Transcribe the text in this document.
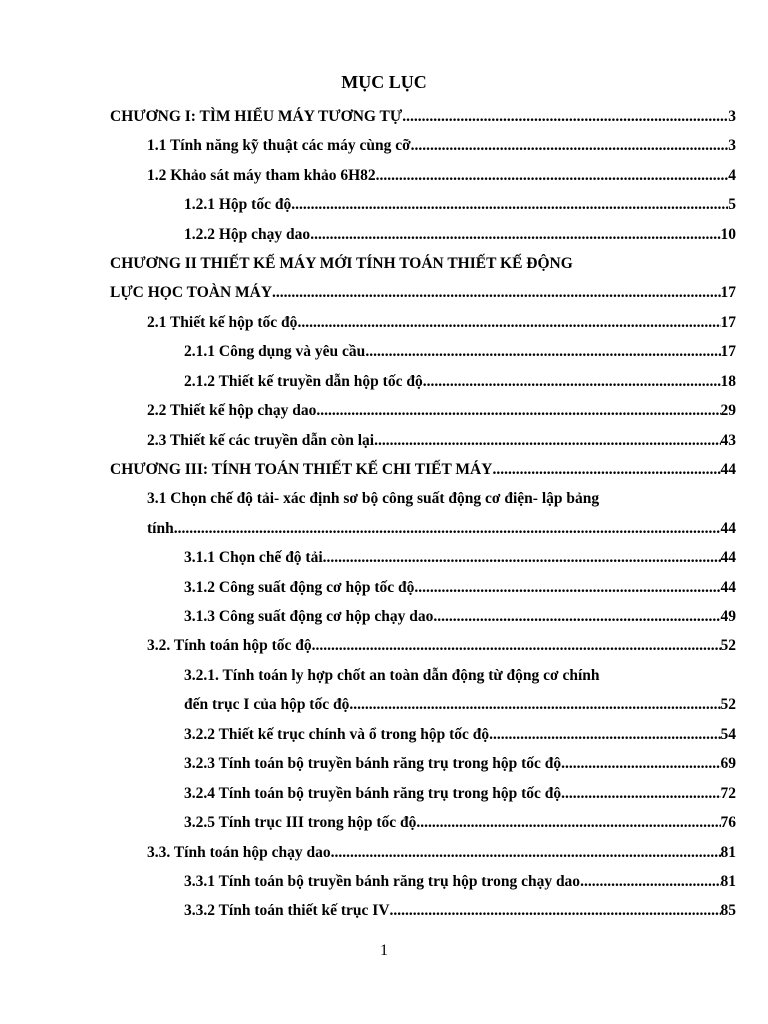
MỤC LỤC
CHƯƠNG I: TÌM HIỂU MÁY TƯƠNG TỰ .....	3
1.1 Tính năng kỹ thuật các máy cùng cỡ .....	3
1.2 Khảo sát máy tham khảo 6H82 .....	4
1.2.1 Hộp tốc độ .....	5
1.2.2 Hộp chạy dao .....	10
CHƯƠNG II THIẾT KẾ MÁY MỚI TÍNH TOÁN THIẾT KẾ ĐỘNG
LỰC HỌC TOÀN MÁY .....	17
2.1 Thiết kế hộp tốc độ .....	17
2.1.1 Công dụng và yêu cầu .....	17
2.1.2 Thiết kế truyền dẫn hộp tốc độ .....	18
2.2 Thiết kế hộp chạy dao .....	29
2.3 Thiết kế các truyền dẫn còn lại .....	43
CHƯƠNG III: TÍNH TOÁN THIẾT KẾ CHI TIẾT MÁY .....	44
3.1 Chọn chế độ tải- xác định sơ bộ công suất động cơ điện- lập bảng
tính .....	44
3.1.1 Chọn chế độ tải .....	44
3.1.2 Công suất động cơ hộp tốc độ .....	44
3.1.3 Công suất động cơ hộp chạy dao .....	49
3.2. Tính toán hộp tốc độ .....	52
3.2.1. Tính toán ly hợp chốt an toàn dẫn động từ động cơ chính
đến trục I của hộp tốc độ .....	52
3.2.2 Thiết kế trục chính và ổ trong hộp tốc độ .....	54
3.2.3 Tính toán bộ truyền bánh răng trụ trong hộp tốc độ .....	69
3.2.4 Tính toán bộ truyền bánh răng trụ trong hộp tốc độ .....	72
3.2.5 Tính trục III trong hộp tốc độ .....	76
3.3. Tính toán hộp chạy dao .....	81
3.3.1 Tính toán bộ truyền bánh răng trụ hộp trong chạy dao .....	81
3.3.2 Tính toán thiết kế trục IV .....	85
1
